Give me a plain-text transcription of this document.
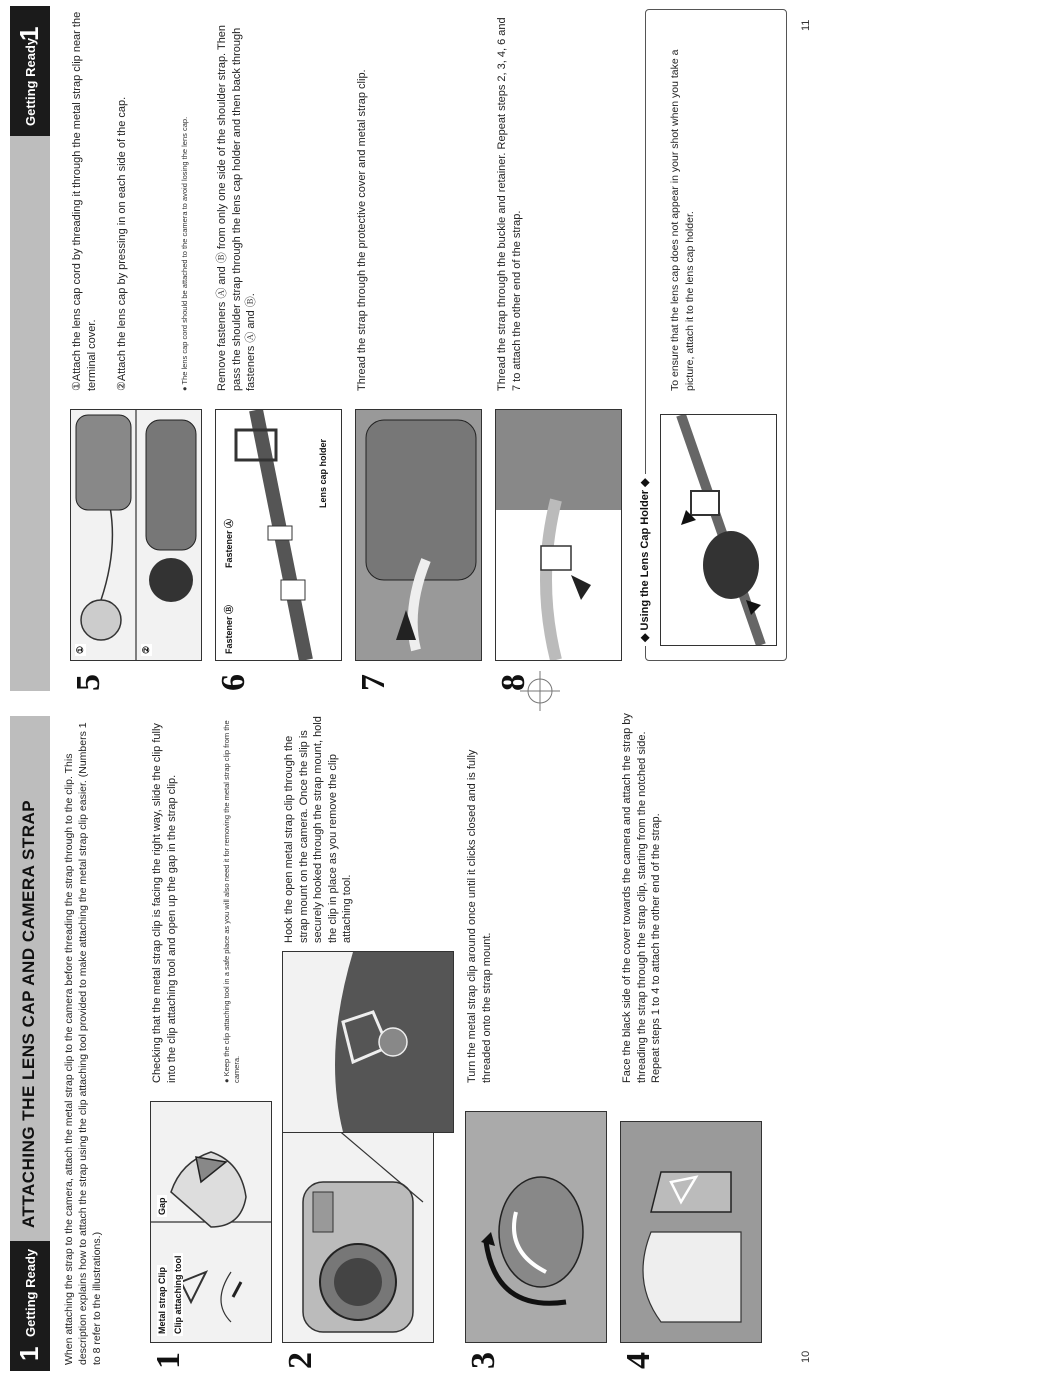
1
Getting Ready
ATTACHING THE LENS CAP AND CAMERA STRAP When attaching the strap to the camera, attach the metal strap clip to the camera before threading the strap through to the clip. This description explains how to attach the strap using the clip attaching tool provided to make attaching the metal strap clip easier. (Numbers 1 to 8 refer to the illustrations.) 1
Metal strap Clip Clip attaching tool
Gap
Checking that the metal strap clip is facing the right way, slide the clip fully into the clip attaching tool and open up the gap in the strap clip.	● Keep the clip attaching tool in a safe place as you will also need it for removing the metal strap clip from the camera.
2
Hook the open metal strap clip through the strap mount on the camera. Once the slip is securely hooked through the strap mount, hold the clip in place as you remove the clip attaching tool.
3
Turn the metal strap clip around once until it clicks closed and is fully threaded onto the strap mount.
4
Face the black side of the cover towards the camera and attach the strap by threading the strap through the strap clip, starting from the notched side. Repeat steps 1 to 4 to attach the other end of the strap.
10
1
Getting Ready
5
①	②
①Attach the lens cap cord by threading it through the metal strap clip near the terminal cover. ②Attach the lens cap by pressing in on each side of the cap.	● The lens cap cord should be attached to the camera to avoid losing the lens cap.
6
Fastener Ⓑ
Fastener Ⓐ
Lens cap holder
Remove fasteners Ⓐ and Ⓑ from only one side of the shoulder strap. Then pass the shoulder strap through the lens cap holder and then back through fasteners Ⓐ and Ⓑ.
7
Thread the strap through the protective cover and metal strap clip.
8
Thread the strap through the buckle and retainer. Repeat steps 2, 3, 4, 6 and 7 to attach the other end of the strap.
◆ Using the Lens Cap Holder ◆
To ensure that the lens cap does not appear in your shot when you take a picture, attach it to the lens cap holder.
11
